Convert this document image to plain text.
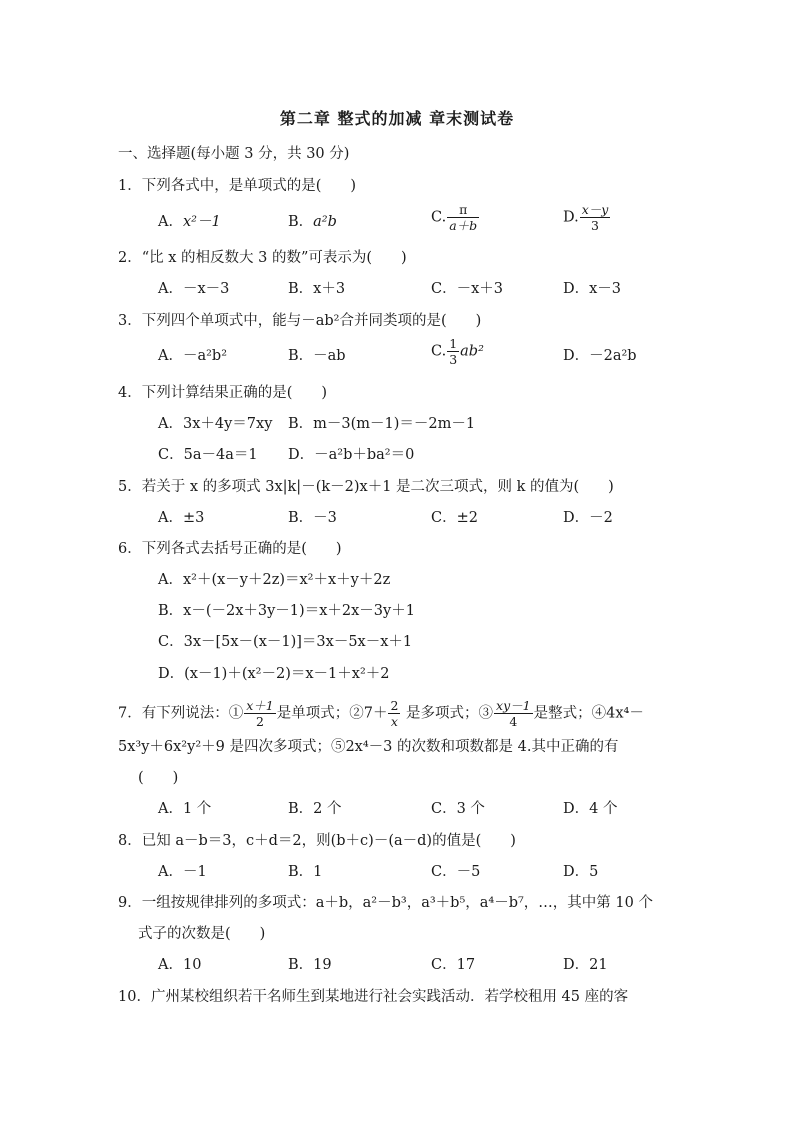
第二章 整式的加减 章末测试卷
一、选择题(每小题 3 分，共 30 分)
1．下列各式中，是单项式的是(　　)
A．x²－1	B．a²b	C. $\frac{\pi}{a+b}$	D. $\frac{x-y}{3}$
2．“比 x 的相反数大 3 的数”可表示为(　　)
A．－x－3	B．x＋3	C．－x＋3	D．x－3
3．下列四个单项式中，能与－ab²合并同类项的是(　　)
A．－a²b²	B．－ab	C. $\frac{1}{3} ab^2$	D．－2a²b
4．下列计算结果正确的是(　　)
A．3x＋4y＝7xy B．m－3(m－1)＝－2m－1
C．5a－4a＝1 D．－a²b＋ba²＝0
5．若关于 x 的多项式 3x|k|－(k－2)x＋1 是二次三项式，则 k 的值为(　　)
A．±3	B．－3	C．±2	D．－2
6．下列各式去括号正确的是(　　)
A．x²＋(x－y＋2z)＝x²＋x＋y＋2z
B．x－(－2x＋3y－1)＝x＋2x－3y＋1
C．3x－[5x－(x－1)]＝3x－5x－x＋1
D．(x－1)＋(x²－2)＝x－1＋x²＋2
7．有下列说法：① $\frac{x+1}{2}$ 是单项式；②7＋ $\frac{2}{x}$ 是多项式；③ $\frac{xy-1}{4}$ 是整式；④4x⁴－
5x³y＋6x²y²＋9 是四次多项式；⑤2x⁴－3 的次数和项数都是 4.其中正确的有
(　　)
A．1 个	B．2 个	C．3 个	D．4 个
8．已知 a－b＝3，c＋d＝2，则(b＋c)－(a－d)的值是(　　)
A．－1	B．1	C．－5	D．5
9．一组按规律排列的多项式：a＋b，a²－b³，a³＋b⁵，a⁴－b⁷，…，其中第 10 个
式子的次数是(　　)
A．10	B．19	C．17	D．21
10．广州某校组织若干名师生到某地进行社会实践活动．若学校租用 45 座的客
